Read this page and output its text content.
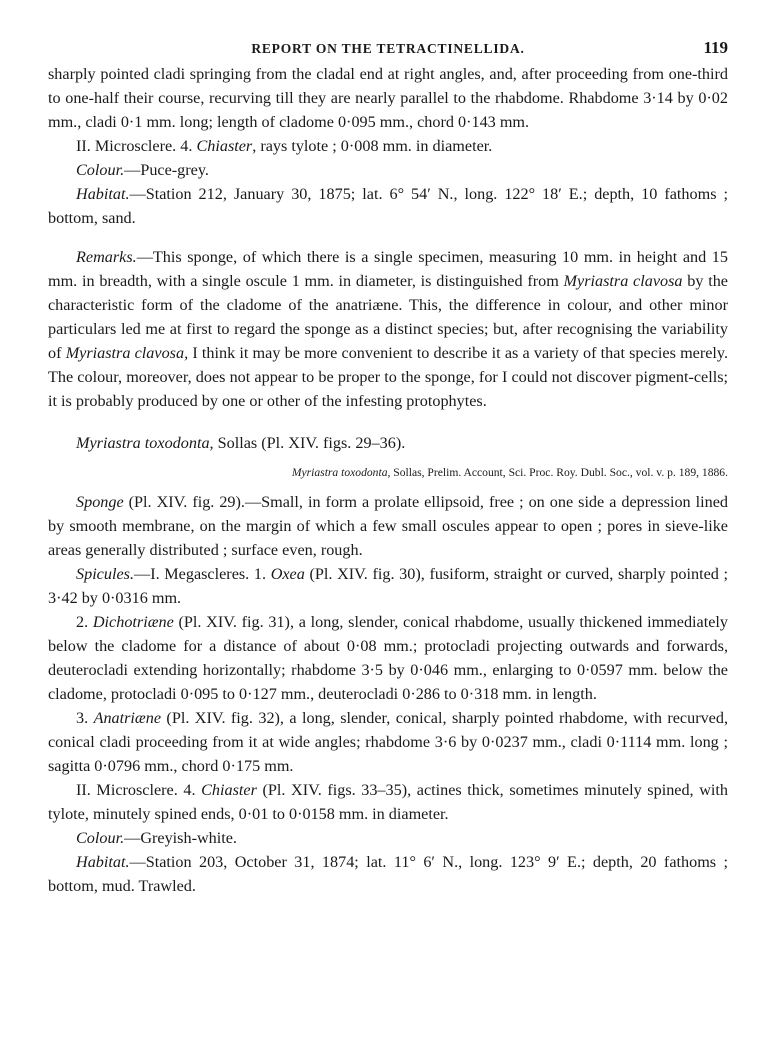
REPORT ON THE TETRACTINELLIDA.	119

sharply pointed cladi springing from the cladal end at right angles, and, after proceeding from one-third to one-half their course, recurving till they are nearly parallel to the rhabdome. Rhabdome 3·14 by 0·02 mm., cladi 0·1 mm. long; length of cladome 0·095 mm., chord 0·143 mm.

II. Microsclere. 4. Chiaster, rays tylote ; 0·008 mm. in diameter.

Colour.—Puce-grey.

Habitat.—Station 212, January 30, 1875; lat. 6° 54′ N., long. 122° 18′ E.; depth, 10 fathoms ; bottom, sand.

Remarks.—This sponge, of which there is a single specimen, measuring 10 mm. in height and 15 mm. in breadth, with a single oscule 1 mm. in diameter, is distinguished from Myriastra clavosa by the characteristic form of the cladome of the anatriæne. This, the difference in colour, and other minor particulars led me at first to regard the sponge as a distinct species; but, after recognising the variability of Myriastra clavosa, I think it may be more convenient to describe it as a variety of that species merely. The colour, moreover, does not appear to be proper to the sponge, for I could not discover pigment-cells; it is probably produced by one or other of the infesting protophytes.

Myriastra toxodonta, Sollas (Pl. XIV. figs. 29–36).

Myriastra toxodonta, Sollas, Prelim. Account, Sci. Proc. Roy. Dubl. Soc., vol. v. p. 189, 1886.

Sponge (Pl. XIV. fig. 29).—Small, in form a prolate ellipsoid, free ; on one side a depression lined by smooth membrane, on the margin of which a few small oscules appear to open ; pores in sieve-like areas generally distributed ; surface even, rough.

Spicules.—I. Megascleres. 1. Oxea (Pl. XIV. fig. 30), fusiform, straight or curved, sharply pointed ; 3·42 by 0·0316 mm.

2. Dichotriæne (Pl. XIV. fig. 31), a long, slender, conical rhabdome, usually thickened immediately below the cladome for a distance of about 0·08 mm.; protocladi projecting outwards and forwards, deuterocladi extending horizontally; rhabdome 3·5 by 0·046 mm., enlarging to 0·0597 mm. below the cladome, protocladi 0·095 to 0·127 mm., deuterocladi 0·286 to 0·318 mm. in length.

3. Anatriæne (Pl. XIV. fig. 32), a long, slender, conical, sharply pointed rhabdome, with recurved, conical cladi proceeding from it at wide angles; rhabdome 3·6 by 0·0237 mm., cladi 0·1114 mm. long ; sagitta 0·0796 mm., chord 0·175 mm.

II. Microsclere. 4. Chiaster (Pl. XIV. figs. 33–35), actines thick, sometimes minutely spined, with tylote, minutely spined ends, 0·01 to 0·0158 mm. in diameter.

Colour.—Greyish-white.

Habitat.—Station 203, October 31, 1874; lat. 11° 6′ N., long. 123° 9′ E.; depth, 20 fathoms ; bottom, mud. Trawled.
